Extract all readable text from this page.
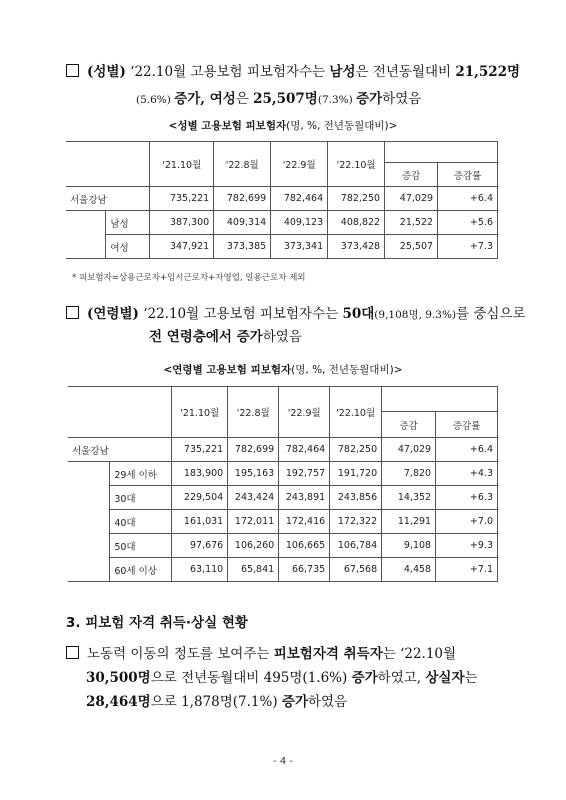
(성별) ‘22.10월 고용보험 피보험자수는 남성은 전년동월대비 21,522명
(5.6%) 증가, 여성은 25,507명(7.3%) 증가하였음
<성별 고용보험 피보험자(명, %, 전년동월대비)>
		'21.10월	'22.8월	'22.9월	'22.10월		
						증감	증감률
서울강남		735,221	782,699	782,464	782,250	47,029	+6.4
	남성	387,300	409,314	409,123	408,822	21,522	+5.6
	여성	347,921	373,385	373,341	373,428	25,507	+7.3
* 피보험자=상용근로자+임시근로자+자영업, 일용근로자 제외
(연령별) ‘22.10월 고용보험 피보험자수는 50대(9,108명, 9.3%)를 중심으로
전 연령층에서 증가하였음
<연령별 고용보험 피보험자(명, %, 전년동월대비)>
		'21.10월	'22.8월	'22.9월	'22.10월		
						증감	증감률
서울강남		735,221	782,699	782,464	782,250	47,029	+6.4
	29세 이하	183,900	195,163	192,757	191,720	7,820	+4.3
	30대	229,504	243,424	243,891	243,856	14,352	+6.3
	40대	161,031	172,011	172,416	172,322	11,291	+7.0
	50대	97,676	106,260	106,665	106,784	9,108	+9.3
	60세 이상	63,110	65,841	66,735	67,568	4,458	+7.1
3. 피보험 자격 취득·상실 현황
노동력 이동의 정도를 보여주는 피보험자격 취득자는 ‘22.10월
30,500명으로 전년동월대비 495명(1.6%) 증가하였고, 상실자는
28,464명으로 1,878명(7.1%) 증가하였음
- 4 -
